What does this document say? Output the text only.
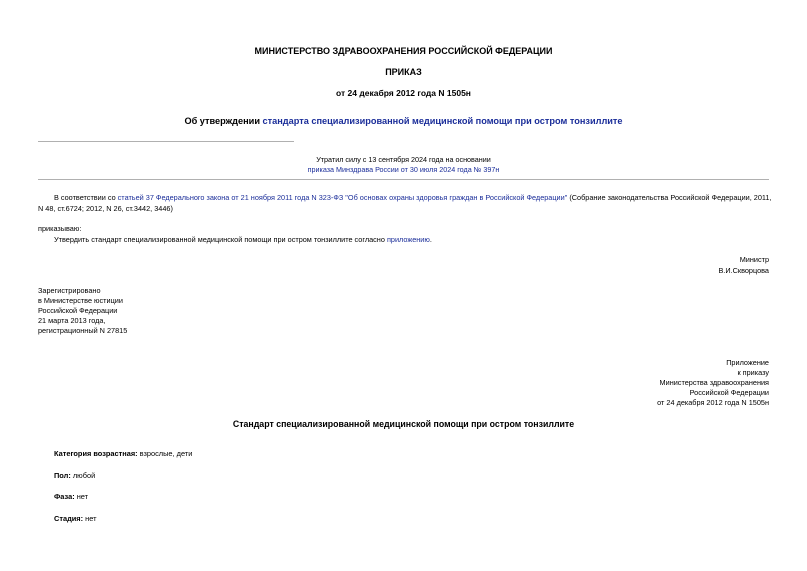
МИНИСТЕРСТВО ЗДРАВООХРАНЕНИЯ РОССИЙСКОЙ ФЕДЕРАЦИИ
ПРИКАЗ
от 24 декабря 2012 года N 1505н
Об утверждении стандарта специализированной медицинской помощи при остром тонзиллите
Утратил силу с 13 сентября 2024 года на основании
приказа Минздрава России от 30 июля 2024 года № 397н
В соответствии со статьей 37 Федерального закона от 21 ноября 2011 года N 323-ФЗ "Об основах охраны здоровья граждан в Российской Федерации" (Собрание законодательства Российской Федерации, 2011,
N 48, ст.6724; 2012, N 26, ст.3442, 3446)
приказываю:
Утвердить стандарт специализированной медицинской помощи при остром тонзиллите согласно приложению.
Министр
В.И.Скворцова
Зарегистрировано
в Министерстве юстиции
Российской Федерации
21 марта 2013 года,
регистрационный N 27815
Приложение
к приказу
Министерства здравоохранения
Российской Федерации
от 24 декабря 2012 года N 1505н
Стандарт специализированной медицинской помощи при остром тонзиллите
Категория возрастная: взрослые, дети
Пол: любой
Фаза: нет
Стадия: нет
